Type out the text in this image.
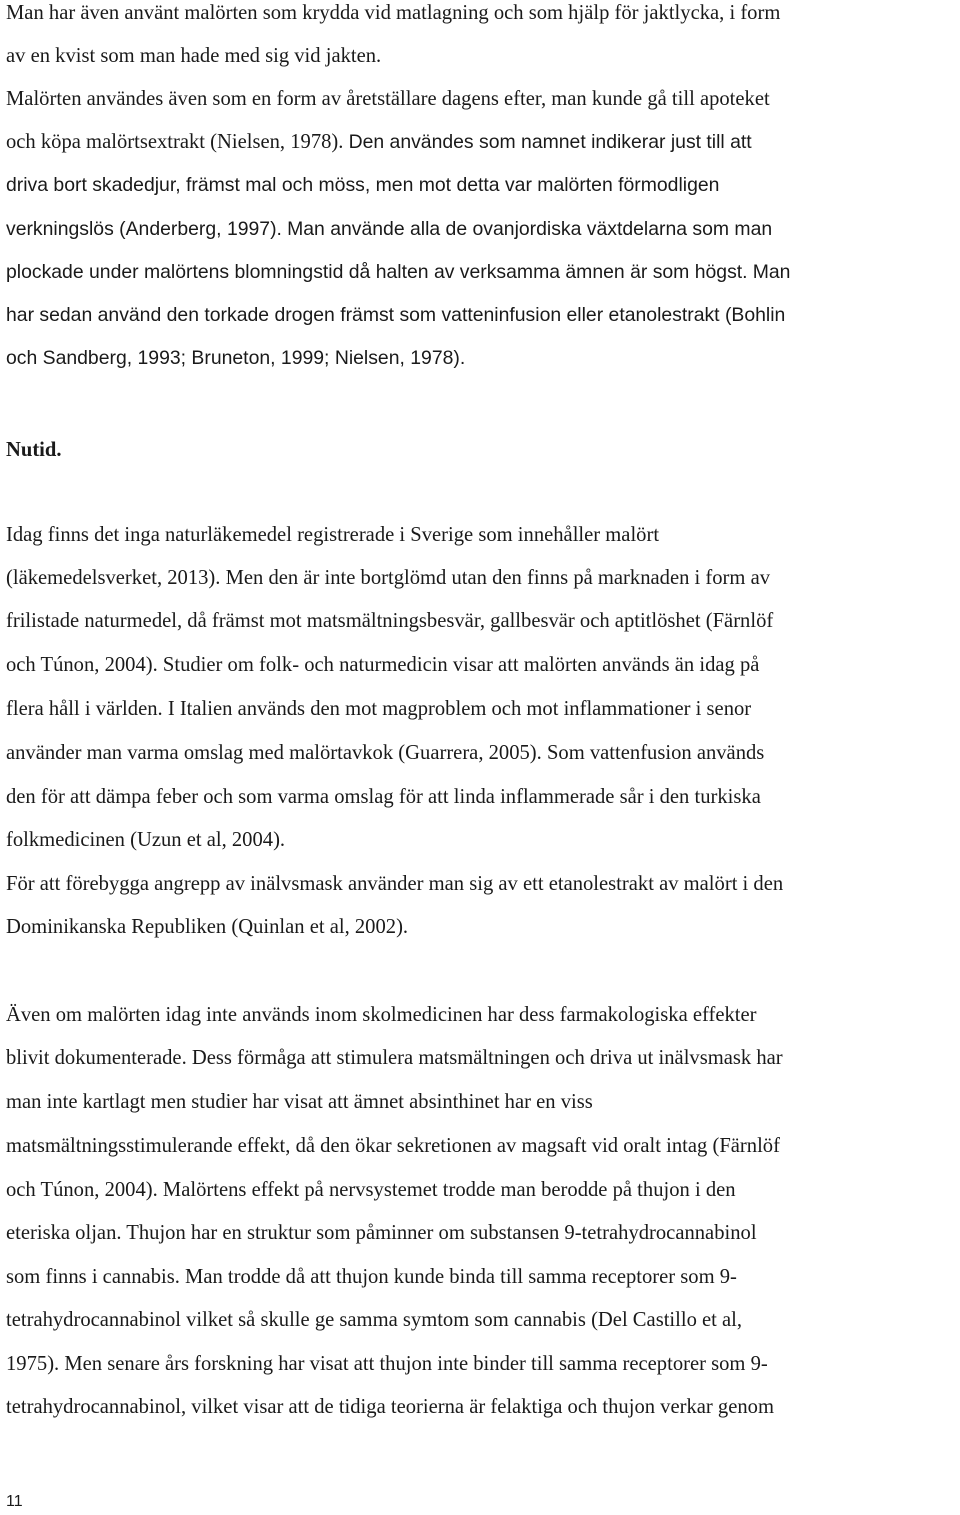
Man har även använt malörten som krydda vid matlagning och som hjälp för jaktlycka, i form
av en kvist som man hade med sig vid jakten.
Malörten användes även som en form av åretställare dagens efter, man kunde gå till apoteket
och köpa malörtsextrakt (Nielsen, 1978). Den användes som namnet indikerar just till att
driva bort skadedjur, främst mal och möss, men mot detta var malörten förmodligen
verkningslös (Anderberg, 1997). Man använde alla de ovanjordiska växtdelarna som man
plockade under malörtens blomningstid då halten av verksamma ämnen är som högst. Man
har sedan använd den torkade drogen främst som vatteninfusion eller etanolestrakt (Bohlin
och Sandberg, 1993; Bruneton, 1999; Nielsen, 1978).
Nutid.
Idag finns det inga naturläkemedel registrerade i Sverige som innehåller malört
(läkemedelsverket, 2013). Men den är inte bortglömd utan den finns på marknaden i form av
frilistade naturmedel, då främst mot matsmältningsbesvär, gallbesvär och aptitlöshet (Färnlöf
och Túnon, 2004). Studier om folk- och naturmedicin visar att malörten används än idag på
flera håll i världen. I Italien används den mot magproblem och mot inflammationer i senor
använder man varma omslag med malörtavkok (Guarrera, 2005). Som vattenfusion används
den för att dämpa feber och som varma omslag för att linda inflammerade sår i den turkiska
folkmedicinen (Uzun et al, 2004).
För att förebygga angrepp av inälvsmask använder man sig av ett etanolestrakt av malört i den
Dominikanska Republiken (Quinlan et al, 2002).
Även om malörten idag inte används inom skolmedicinen har dess farmakologiska effekter
blivit dokumenterade. Dess förmåga att stimulera matsmältningen och driva ut inälvsmask har
man inte kartlagt men studier har visat att ämnet absinthinet har en viss
matsmältningsstimulerande effekt, då den ökar sekretionen av magsaft vid oralt intag (Färnlöf
och Túnon, 2004). Malörtens effekt på nervsystemet trodde man berodde på thujon i den
eteriska oljan. Thujon har en struktur som påminner om substansen 9-tetrahydrocannabinol
som finns i cannabis. Man trodde då att thujon kunde binda till samma receptorer som 9-
tetrahydrocannabinol vilket så skulle ge samma symtom som cannabis (Del Castillo et al,
1975). Men senare års forskning har visat att thujon inte binder till samma receptorer som 9-
tetrahydrocannabinol, vilket visar att de tidiga teorierna är felaktiga och thujon verkar genom
11
